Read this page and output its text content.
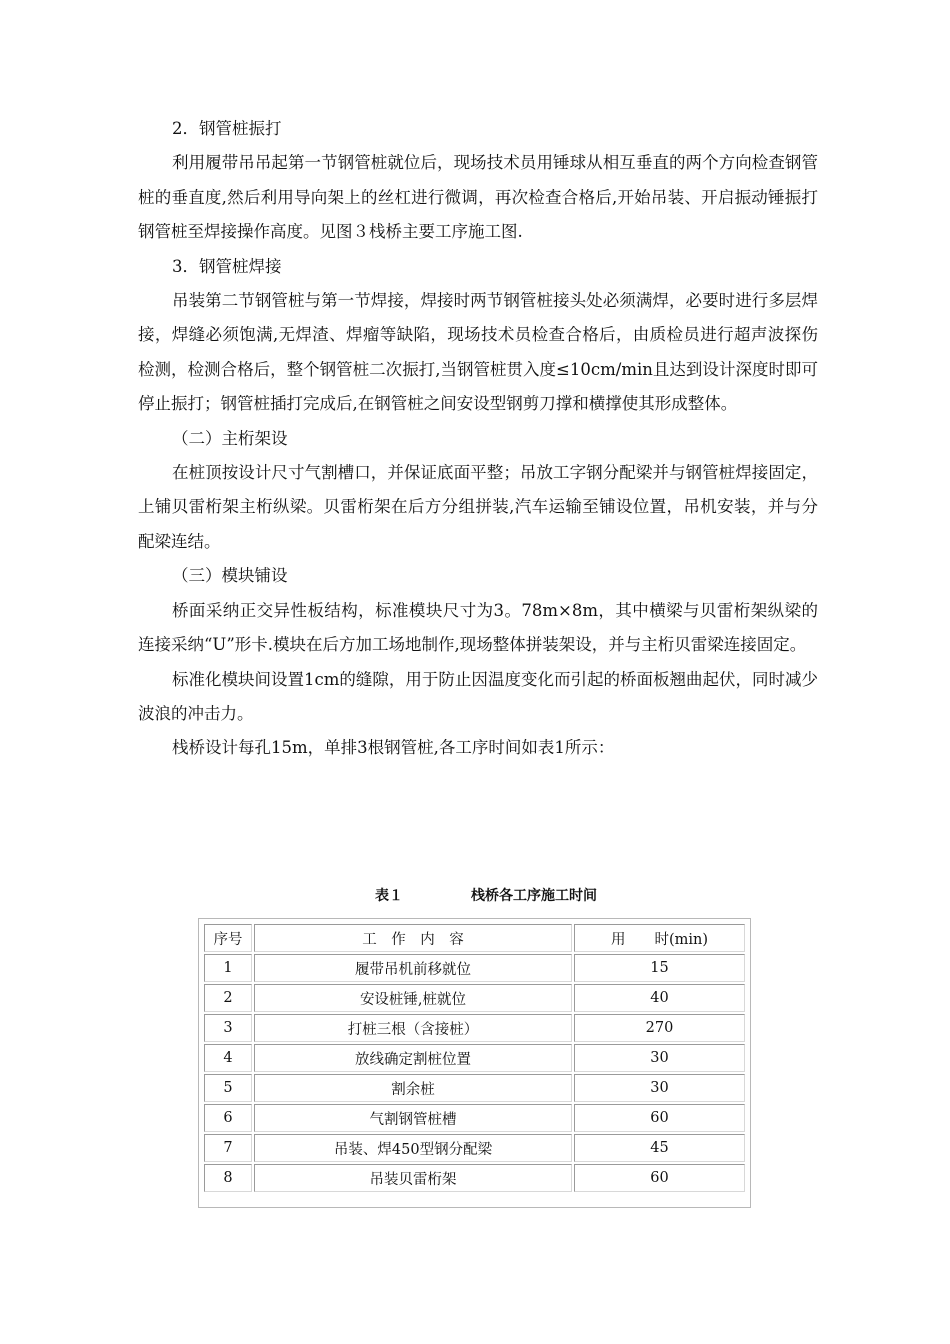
2．钢管桩振打

利用履带吊吊起第一节钢管桩就位后，现场技术员用锤球从相互垂直的两个方向检查钢管桩的垂直度,然后利用导向架上的丝杠进行微调，再次检查合格后,开始吊装、开启振动锤振打钢管桩至焊接操作高度。见图３栈桥主要工序施工图.

3．钢管桩焊接

吊装第二节钢管桩与第一节焊接，焊接时两节钢管桩接头处必须满焊，必要时进行多层焊接，焊缝必须饱满,无焊渣、焊瘤等缺陷，现场技术员检查合格后，由质检员进行超声波探伤检测，检测合格后，整个钢管桩二次振打,当钢管桩贯入度≤10cm/min且达到设计深度时即可停止振打；钢管桩插打完成后,在钢管桩之间安设型钢剪刀撑和横撑使其形成整体。

（二）主桁架设

在桩顶按设计尺寸气割槽口，并保证底面平整；吊放工字钢分配梁并与钢管桩焊接固定，上铺贝雷桁架主桁纵梁。贝雷桁架在后方分组拼装,汽车运输至铺设位置，吊机安装，并与分配梁连结。

（三）模块铺设

桥面采纳正交异性板结构，标准模块尺寸为3。78m×8m，其中横梁与贝雷桁架纵梁的连接采纳“U”形卡.模块在后方加工场地制作,现场整体拼装架设，并与主桁贝雷梁连接固定。

标准化模块间设置1cm的缝隙，用于防止因温度变化而引起的桥面板翘曲起伏，同时减少波浪的冲击力。

栈桥设计每孔15m，单排3根钢管桩,各工序时间如表1所示：

表１	栈桥各工序施工时间
序号	工　作　内　容	用　　时(min)
1	履带吊机前移就位	15
2	安设桩锤,桩就位	40
3	打桩三根（含接桩）	270
4	放线确定割桩位置	30
5	割余桩	30
6	气割钢管桩槽	60
7	吊装、焊450型钢分配梁	45
8	吊装贝雷桁架	60
